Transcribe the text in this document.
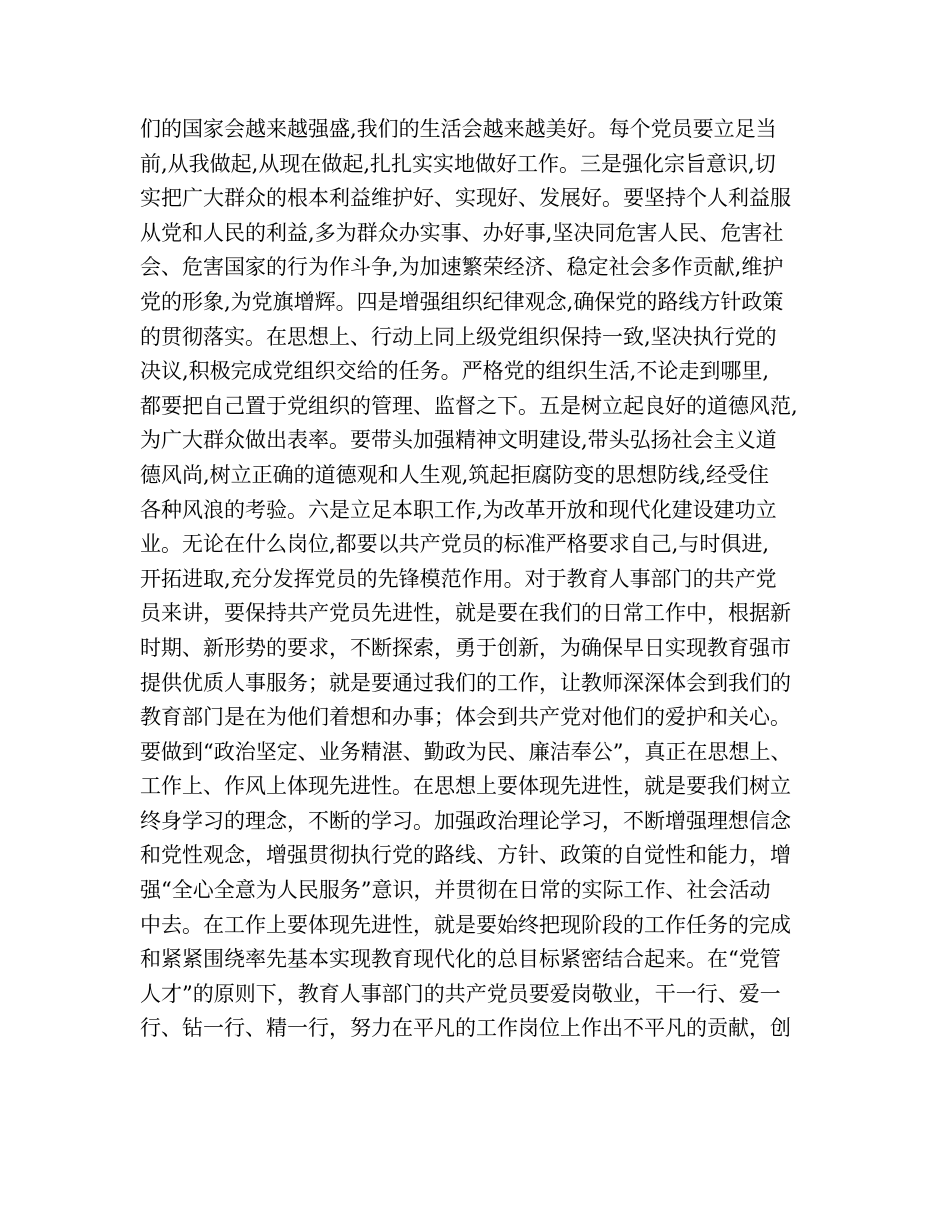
们的国家会越来越强盛,我们的生活会越来越美好。每个党员要立足当
前,从我做起,从现在做起,扎扎实实地做好工作。三是强化宗旨意识,切
实把广大群众的根本利益维护好、实现好、发展好。要坚持个人利益服
从党和人民的利益,多为群众办实事、办好事,坚决同危害人民、危害社
会、危害国家的行为作斗争,为加速繁荣经济、稳定社会多作贡献,维护
党的形象,为党旗增辉。四是增强组织纪律观念,确保党的路线方针政策
的贯彻落实。在思想上、行动上同上级党组织保持一致,坚决执行党的
决议,积极完成党组织交给的任务。严格党的组织生活,不论走到哪里,
都要把自己置于党组织的管理、监督之下。五是树立起良好的道德风范,
为广大群众做出表率。要带头加强精神文明建设,带头弘扬社会主义道
德风尚,树立正确的道德观和人生观,筑起拒腐防变的思想防线,经受住
各种风浪的考验。六是立足本职工作,为改革开放和现代化建设建功立
业。无论在什么岗位,都要以共产党员的标准严格要求自己,与时俱进,
开拓进取,充分发挥党员的先锋模范作用。对于教育人事部门的共产党
员来讲，要保持共产党员先进性，就是要在我们的日常工作中，根据新
时期、新形势的要求，不断探索，勇于创新，为确保早日实现教育强市
提供优质人事服务；就是要通过我们的工作，让教师深深体会到我们的
教育部门是在为他们着想和办事；体会到共产党对他们的爱护和关心。
要做到“政治坚定、业务精湛、勤政为民、廉洁奉公”，真正在思想上、
工作上、作风上体现先进性。在思想上要体现先进性，就是要我们树立
终身学习的理念，不断的学习。加强政治理论学习，不断增强理想信念
和党性观念，增强贯彻执行党的路线、方针、政策的自觉性和能力，增
强“全心全意为人民服务”意识，并贯彻在日常的实际工作、社会活动
中去。在工作上要体现先进性，就是要始终把现阶段的工作任务的完成
和紧紧围绕率先基本实现教育现代化的总目标紧密结合起来。在“党管
人才”的原则下，教育人事部门的共产党员要爱岗敬业，干一行、爱一
行、钻一行、精一行，努力在平凡的工作岗位上作出不平凡的贡献，创
